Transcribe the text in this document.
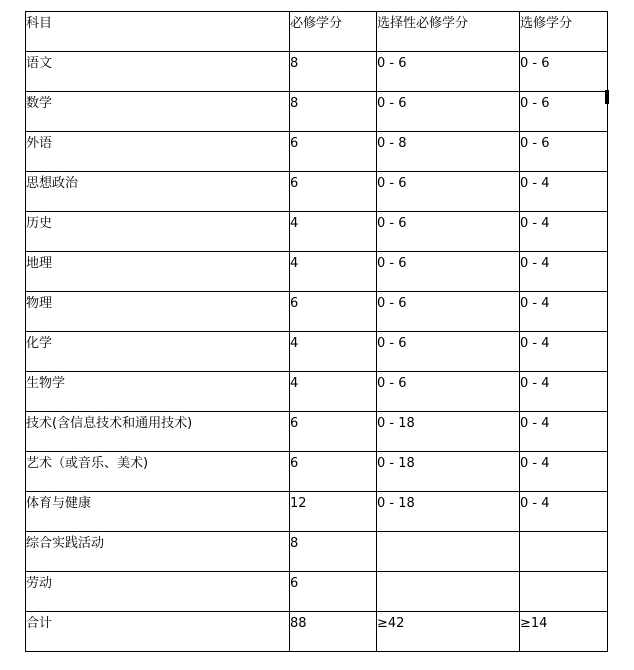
科目	必修学分	选择性必修学分	选修学分
语文	8	0 - 6	0 - 6
数学	8	0 - 6	0 - 6
外语	6	0 - 8	0 - 6
思想政治	6	0 - 6	0 - 4
历史	4	0 - 6	0 - 4
地理	4	0 - 6	0 - 4
物理	6	0 - 6	0 - 4
化学	4	0 - 6	0 - 4
生物学	4	0 - 6	0 - 4
技术(含信息技术和通用技术)	6	0 - 18	0 - 4
艺术（或音乐、美术)	6	0 - 18	0 - 4
体育与健康	12	0 - 18	0 - 4
综合实践活动	8		
劳动	6		
合计	88	≥42	≥14
